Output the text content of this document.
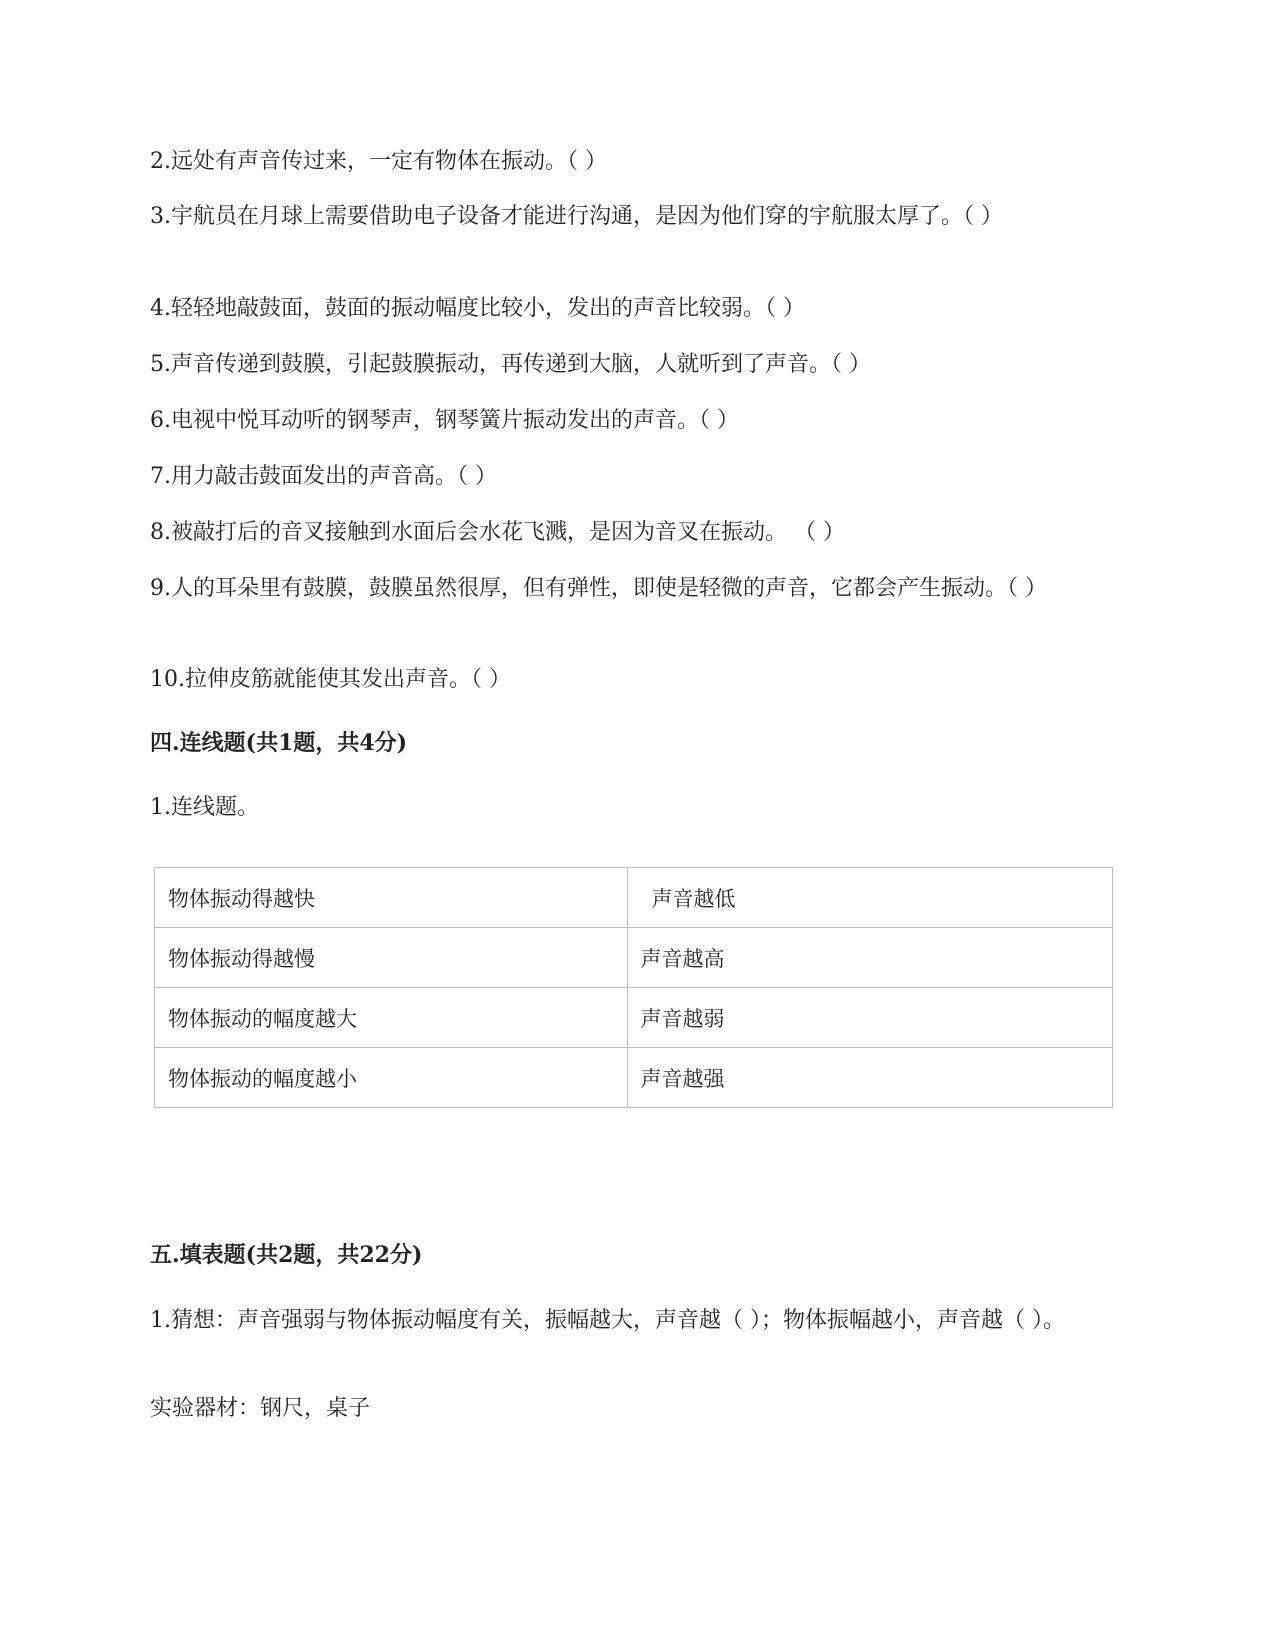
2.远处有声音传过来，一定有物体在振动。（ ）
3.宇航员在月球上需要借助电子设备才能进行沟通，是因为他们穿的宇航服太厚了。（ ）
4.轻轻地敲鼓面，鼓面的振动幅度比较小，发出的声音比较弱。（ ）
5.声音传递到鼓膜，引起鼓膜振动，再传递到大脑，人就听到了声音。（ ）
6.电视中悦耳动听的钢琴声，钢琴簧片振动发出的声音。（ ）
7.用力敲击鼓面发出的声音高。（ ）
8.被敲打后的音叉接触到水面后会水花飞溅，是因为音叉在振动。 （ ）
9.人的耳朵里有鼓膜，鼓膜虽然很厚，但有弹性，即使是轻微的声音，它都会产生振动。（ ）
10.拉伸皮筋就能使其发出声音。（ ）
四.连线题(共1题，共4分)
1.连线题。
物体振动得越快	声音越低
物体振动得越慢	声音越高
物体振动的幅度越大	声音越弱
物体振动的幅度越小	声音越强
五.填表题(共2题，共22分)
1.猜想：声音强弱与物体振动幅度有关，振幅越大，声音越（ ）；物体振幅越小，声音越（ ）。
实验器材：钢尺，桌子
